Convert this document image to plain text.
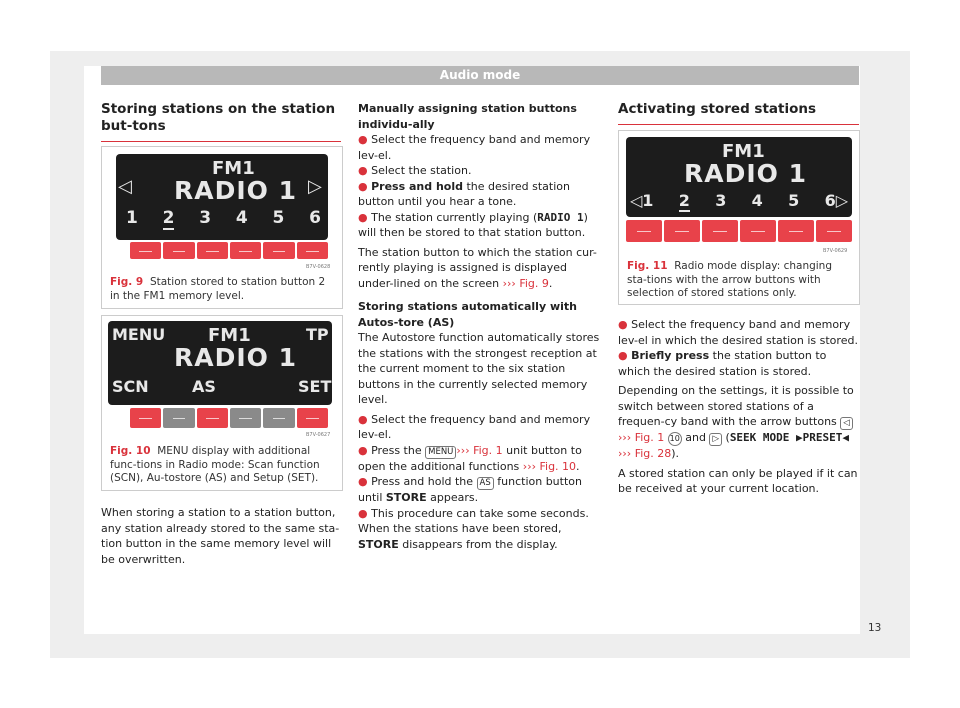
Audio mode
Storing stations on the station but-tons
FM1
◁ RADIO 1 ▷
1 2 3 4 5 6
B7V-0628
Fig. 9 Station stored to station button 2 in the FM1 memory level.
MENU FM1	TP
RADIO 1
SCN	AS	SET
B7V-0627
Fig. 10 MENU display with additional func-tions in Radio mode: Scan function (SCN), Au-tostore (AS) and Setup (SET).

When storing a station to a station button, any station already stored to the same sta-tion button in the same memory level will be overwritten.

Manually assigning station buttons individu-ally

● Select the frequency band and memory lev-el.

● Select the station.

● Press and hold the desired station button until you hear a tone.

● The station currently playing (RADIO 1) will then be stored to that station button.

The station button to which the station cur-rently playing is assigned is displayed under-lined on the screen ››› Fig. 9.

Storing stations automatically with Autos-tore (AS)

The Autostore function automatically stores the stations with the strongest reception at the current moment to the six station buttons in the currently selected memory level.

● Select the frequency band and memory lev-el.

● Press the MENU ››› Fig. 1 unit button to open the additional functions ››› Fig. 10.

● Press and hold the AS function button until STORE appears.

● This procedure can take some seconds. When the stations have been stored, STORE disappears from the display.

Activating stored stations
FM1
RADIO 1
◁1 2 3 4 5 6▷
B7V-0629
Fig. 11 Radio mode display: changing sta-tions with the arrow buttons with selection of stored stations only.

● Select the frequency band and memory lev-el in which the desired station is stored.

● Briefly press the station button to which the desired station is stored.

Depending on the settings, it is possible to switch between stored stations of a frequen-cy band with the arrow buttons ◁ ››› Fig. 1 10 and ▷ (SEEK MODE ▶PRESET◀ ››› Fig. 28).

A stored station can only be played if it can be received at your current location.

13
